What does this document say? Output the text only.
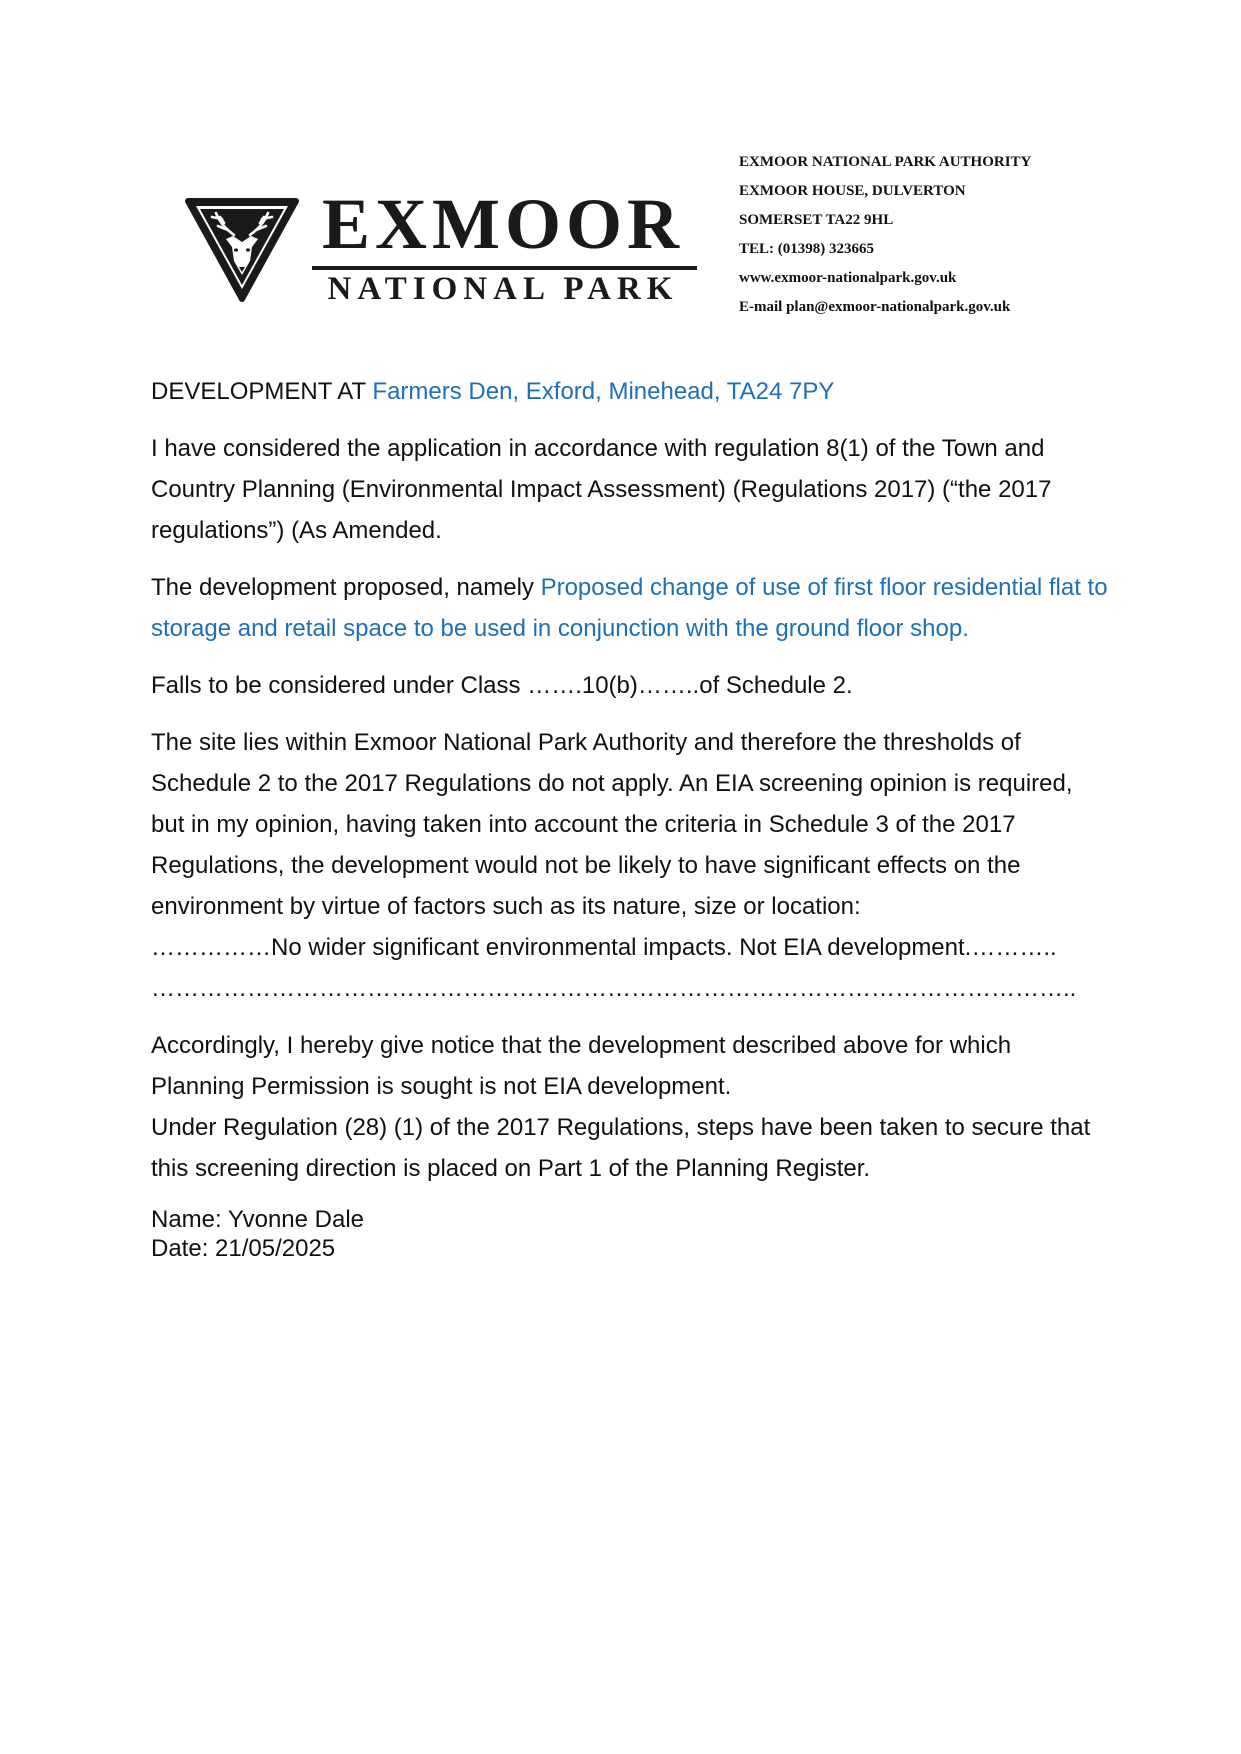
EXMOOR
NATIONAL PARK
EXMOOR NATIONAL PARK AUTHORITY
EXMOOR HOUSE, DULVERTON
SOMERSET TA22 9HL
TEL: (01398) 323665
www.exmoor-nationalpark.gov.uk
E-mail plan@exmoor-nationalpark.gov.uk

DEVELOPMENT AT Farmers Den, Exford, Minehead, TA24 7PY

I have considered the application in accordance with regulation 8(1) of the Town and Country Planning (Environmental Impact Assessment) (Regulations 2017) (“the 2017 regulations”) (As Amended.

The development proposed, namely Proposed change of use of first floor residential flat to storage and retail space to be used in conjunction with the ground floor shop.

Falls to be considered under Class …….10(b)……..of Schedule 2.

The site lies within Exmoor National Park Authority and therefore the thresholds of Schedule 2 to the 2017 Regulations do not apply. An EIA screening opinion is required, but in my opinion, having taken into account the criteria in Schedule 3 of the 2017 Regulations, the development would not be likely to have significant effects on the environment by virtue of factors such as its nature, size or location:
……………No wider significant environmental impacts. Not EIA development.………..
……………………………………………………………………………………………………..

Accordingly, I hereby give notice that the development described above for which Planning Permission is sought is not EIA development.
Under Regulation (28) (1) of the 2017 Regulations, steps have been taken to secure that this screening direction is placed on Part 1 of the Planning Register.

Name: Yvonne Dale
Date: 21/05/2025
